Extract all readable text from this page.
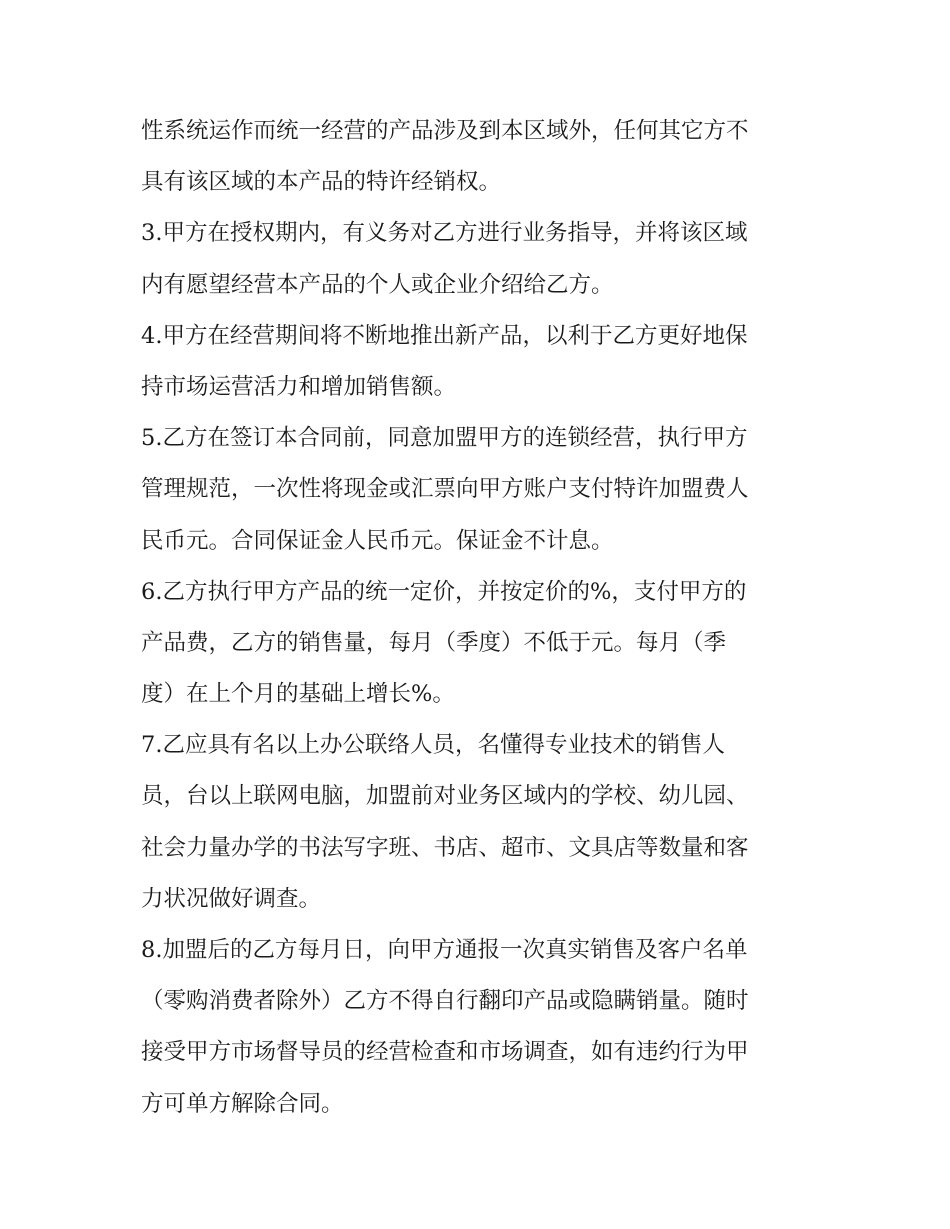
性系统运作而统一经营的产品涉及到本区域外，任何其它方不
具有该区域的本产品的特许经销权。
3.甲方在授权期内，有义务对乙方进行业务指导，并将该区域
内有愿望经营本产品的个人或企业介绍给乙方。
4.甲方在经营期间将不断地推出新产品，以利于乙方更好地保
持市场运营活力和增加销售额。
5.乙方在签订本合同前，同意加盟甲方的连锁经营，执行甲方
管理规范，一次性将现金或汇票向甲方账户支付特许加盟费人
民币元。合同保证金人民币元。保证金不计息。
6.乙方执行甲方产品的统一定价，并按定价的%，支付甲方的
产品费，乙方的销售量，每月（季度）不低于元。每月（季
度）在上个月的基础上增长%。
7.乙应具有名以上办公联络人员，名懂得专业技术的销售人
员，台以上联网电脑，加盟前对业务区域内的学校、幼儿园、
社会力量办学的书法写字班、书店、超市、文具店等数量和客
力状况做好调查。
8.加盟后的乙方每月日，向甲方通报一次真实销售及客户名单
（零购消费者除外）乙方不得自行翻印产品或隐瞒销量。随时
接受甲方市场督导员的经营检查和市场调查，如有违约行为甲
方可单方解除合同。
